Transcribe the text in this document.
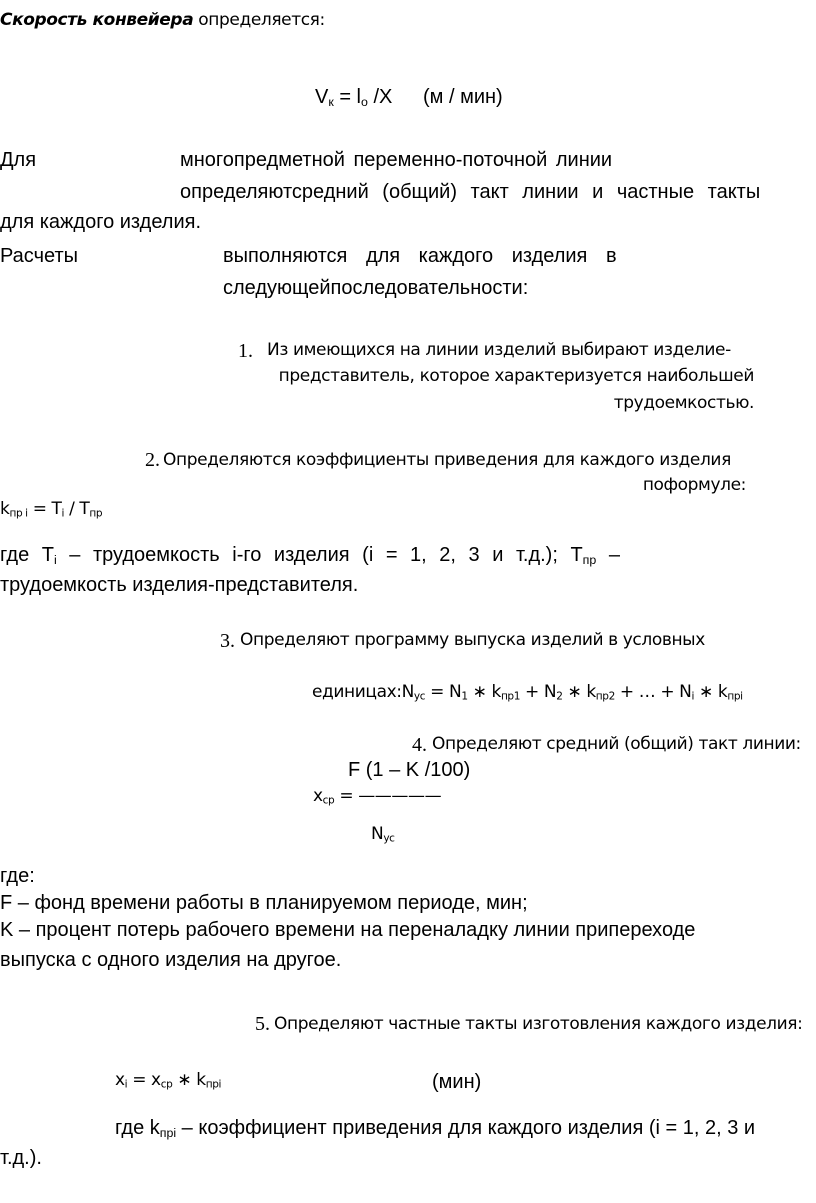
Скорость конвейера определяется:
$V_к = l_о$ /Х (м / мин)
Для	многопредметной переменно-поточной линии
определяютсредний (общий) такт линии и частные такты
для каждого изделия.
Расчеты	выполняются для каждого изделия в
следующейпоследовательности:
1. Из имеющихся на линии изделий выбирают изделие-
представитель, которое характеризуется наибольшей
трудоемкостью.
2. Определяются коэффициенты приведения для каждого изделия
поформуле:
$k_{пр i} = Т_i / Т_{пр}$
где $Т_i$ – трудоемкость i-го изделия (i = 1, 2, 3 и т.д.); $Т_{пр}$ –
трудоемкость изделия-представителя.
3. Определяют программу выпуска изделий в условных
$единицах:N_{ус} = N_1$ ∗ $k_{пр1} + N_2$ ∗ $k_{пр2}$ + … + $N_i$ ∗ $k_{прi}$
4. Определяют средний (общий) такт линии:
F (1 – K /100)
$х_{ср}$ = —————
$N_{ус}$
где:
F – фонд времени работы в планируемом периоде, мин;
K – процент потерь рабочего времени на переналадку линии припереходе
выпуска с одного изделия на другое.
5. Определяют частные такты изготовления каждого изделия:
$х_i = х_{ср}$ ∗ $k_{прi}$	(мин)
где $k_{прi}$ – коэффициент приведения для каждого изделия (i = 1, 2, 3 и
т.д.).
